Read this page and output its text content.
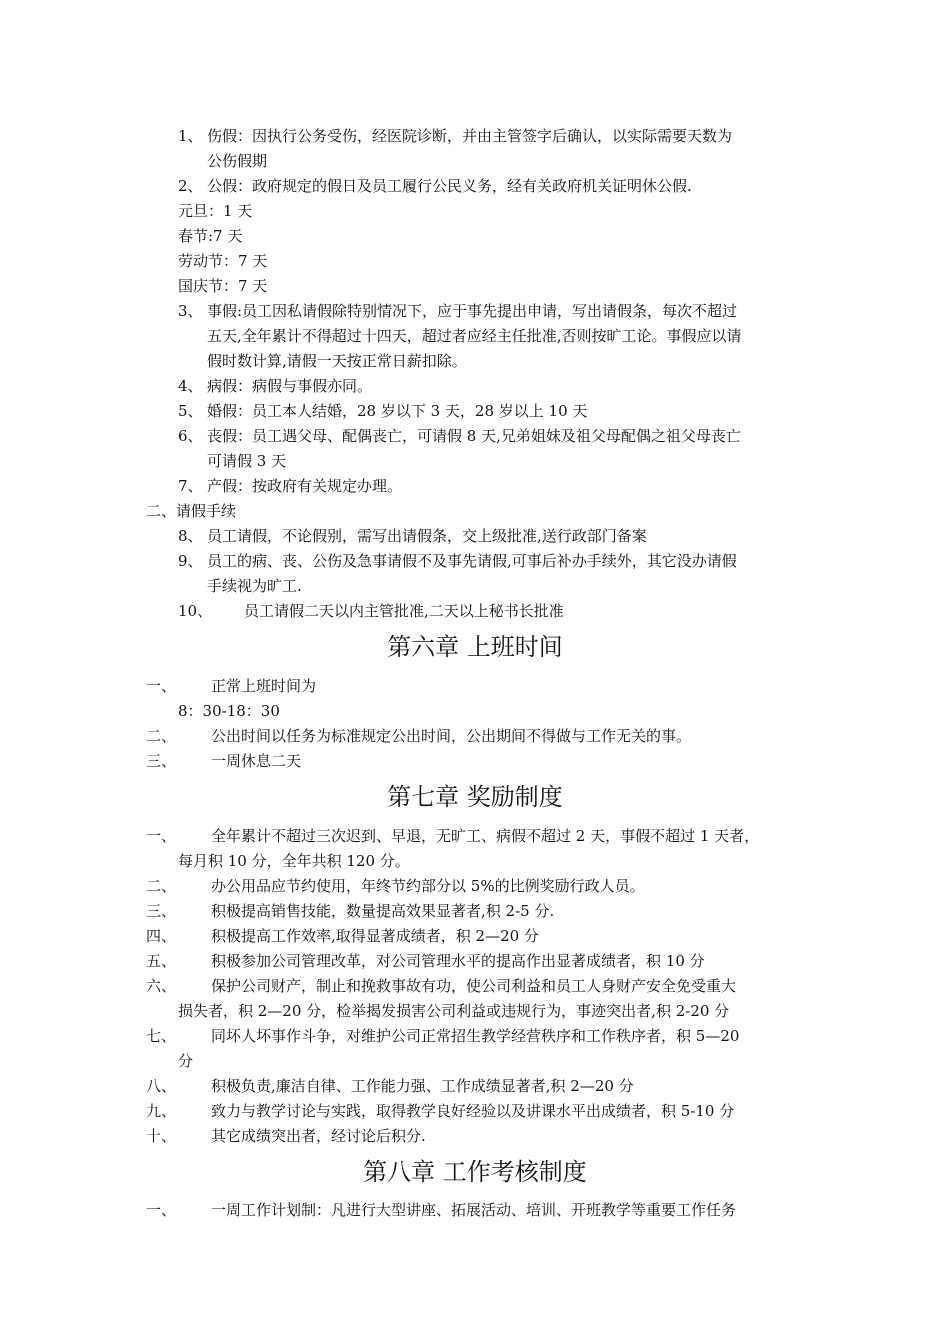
1、 伤假：因执行公务受伤，经医院诊断，并由主管签字后确认，以实际需要天数为
公伤假期
2、 公假：政府规定的假日及员工履行公民义务，经有关政府机关证明休公假.
元旦：1 天
春节:7 天
劳动节：7 天
国庆节：7 天
3、 事假:员工因私请假除特别情况下，应于事先提出申请，写出请假条，每次不超过
五天,全年累计不得超过十四天，超过者应经主任批准,否则按旷工论。事假应以请
假时数计算,请假一天按正常日薪扣除。
4、 病假：病假与事假亦同。
5、 婚假：员工本人结婚，28 岁以下 3 天，28 岁以上 10 天
6、 丧假：员工遇父母、配偶丧亡，可请假 8 天,兄弟姐妹及祖父母配偶之祖父母丧亡
可请假 3 天
7、 产假：按政府有关规定办理。
二、请假手续
8、 员工请假，不论假别，需写出请假条，交上级批准,送行政部门备案
9、 员工的病、丧、公伤及急事请假不及事先请假,可事后补办手续外，其它没办请假
手续视为旷工.
10、 员工请假二天以内主管批准,二天以上秘书长批准
第六章 上班时间
一、 正常上班时间为
8：30-18：30
二、 公出时间以任务为标准规定公出时间，公出期间不得做与工作无关的事。
三、 一周休息二天
第七章 奖励制度
一、 全年累计不超过三次迟到、早退，无旷工、病假不超过 2 天，事假不超过 1 天者，
每月积 10 分，全年共积 120 分。
二、 办公用品应节约使用，年终节约部分以 5%的比例奖励行政人员。
三、 积极提高销售技能，数量提高效果显著者,积 2-5 分.
四、 积极提高工作效率,取得显著成绩者，积 2—20 分
五、 积极参加公司管理改革，对公司管理水平的提高作出显著成绩者，积 10 分
六、 保护公司财产，制止和挽救事故有功，使公司利益和员工人身财产安全免受重大
损失者，积 2—20 分，检举揭发损害公司利益或违规行为，事迹突出者,积 2-20 分
七、 同坏人坏事作斗争，对维护公司正常招生教学经营秩序和工作秩序者，积 5—20
分
八、 积极负责,廉洁自律、工作能力强、工作成绩显著者,积 2—20 分
九、 致力与教学讨论与实践，取得教学良好经验以及讲课水平出成绩者，积 5-10 分
十、 其它成绩突出者，经讨论后积分.
第八章 工作考核制度
一、 一周工作计划制：凡进行大型讲座、拓展活动、培训、开班教学等重要工作任务
